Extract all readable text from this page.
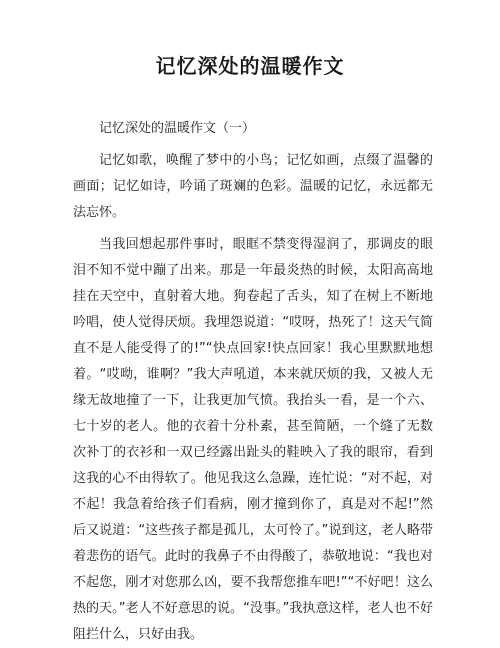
记忆深处的温暖作文

记忆深处的温暖作文（一）

记忆如歌，唤醒了梦中的小鸟；记忆如画，点缀了温馨的画面；记忆如诗，吟诵了斑斓的色彩。温暖的记忆，永远都无法忘怀。

当我回想起那件事时，眼眶不禁变得湿润了，那调皮的眼泪不知不觉中蹦了出来。那是一年最炎热的时候，太阳高高地挂在天空中，直射着大地。狗卷起了舌头，知了在树上不断地吟唱，使人觉得厌烦。我埋怨说道：“哎呀，热死了！这天气简直不是人能受得了的!”“快点回家!快点回家！我心里默默地想着。“哎呦，谁啊？”我大声吼道，本来就厌烦的我，又被人无缘无故地撞了一下，让我更加气愤。我抬头一看，是一个六、七十岁的老人。他的衣着十分朴素，甚至简陋，一个缝了无数次补丁的衣衫和一双已经露出趾头的鞋映入了我的眼帘，看到这我的心不由得软了。他见我这么急躁，连忙说：“对不起，对不起！我急着给孩子们看病，刚才撞到你了，真是对不起!”然后又说道：“这些孩子都是孤儿，太可怜了。”说到这，老人略带着悲伤的语气。此时的我鼻子不由得酸了，恭敬地说：“我也对不起您，刚才对您那么凶，要不我帮您推车吧!”“不好吧！这么热的天。”老人不好意思的说。“没事。”我执意这样，老人也不好阻拦什么，只好由我。
